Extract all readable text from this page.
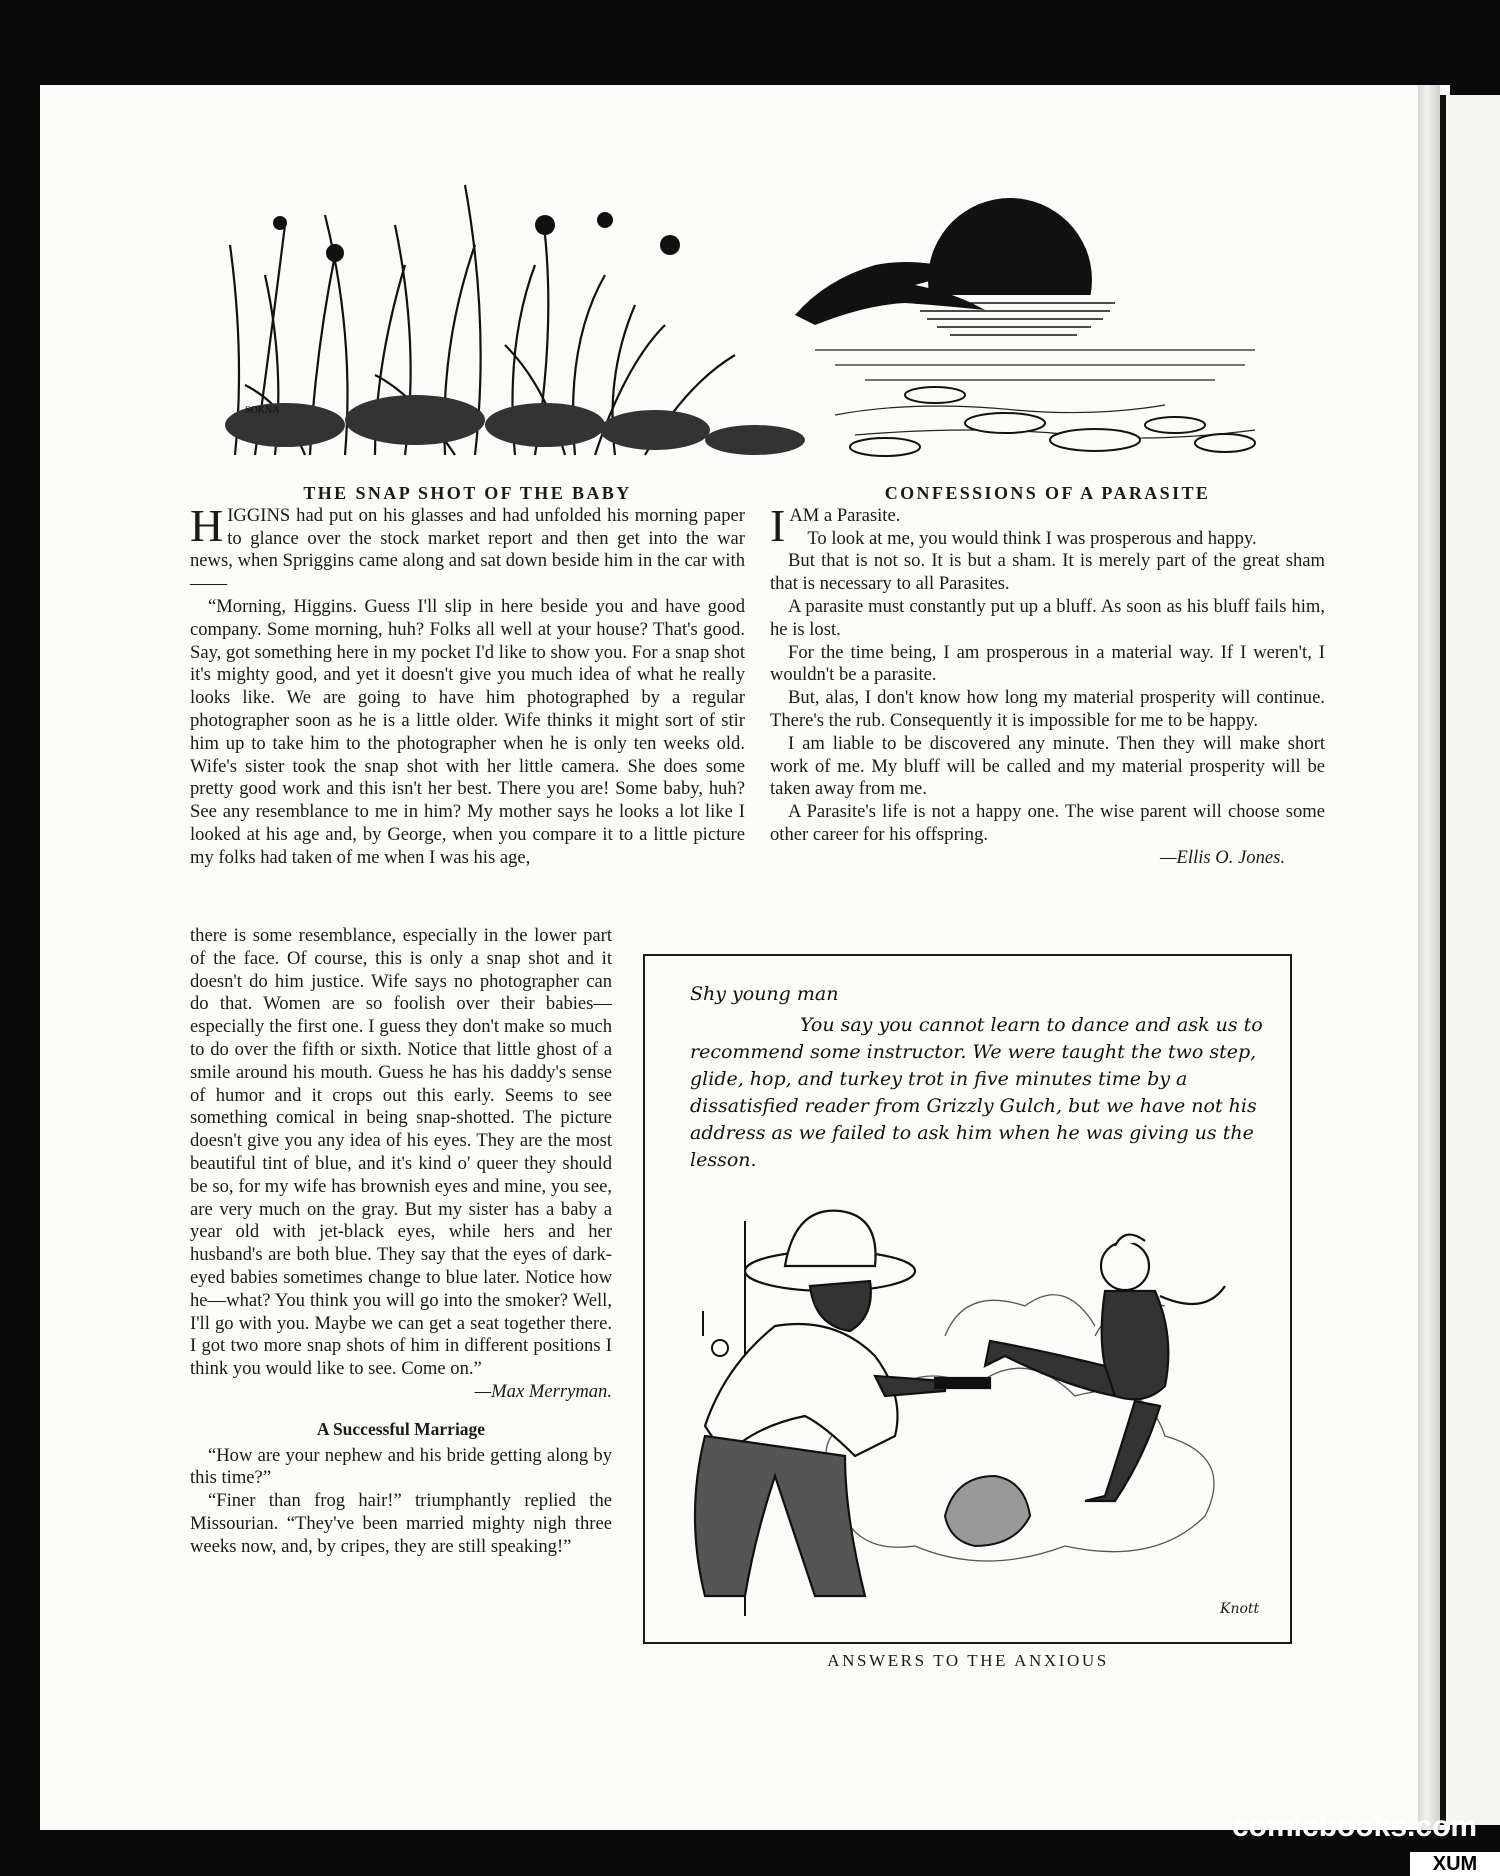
SOKNA
THE SNAP SHOT OF THE BABY

HIGGINS had put on his glasses and had unfolded his morning paper to glance over the stock market report and then get into the war news, when Spriggins came along and sat down beside him in the car with——

“Morning, Higgins. Guess I'll slip in here beside you and have good company. Some morning, huh? Folks all well at your house? That's good. Say, got something here in my pocket I'd like to show you. For a snap shot it's mighty good, and yet it doesn't give you much idea of what he really looks like. We are going to have him photographed by a regular photographer soon as he is a little older. Wife thinks it might sort of stir him up to take him to the photographer when he is only ten weeks old. Wife's sister took the snap shot with her little camera. She does some pretty good work and this isn't her best. There you are! Some baby, huh? See any resemblance to me in him? My mother says he looks a lot like I looked at his age and, by George, when you compare it to a little picture my folks had taken of me when I was his age,

there is some resemblance, especially in the lower part of the face. Of course, this is only a snap shot and it doesn't do him justice. Wife says no photographer can do that. Women are so foolish over their babies—especially the first one. I guess they don't make so much to do over the fifth or sixth. Notice that little ghost of a smile around his mouth. Guess he has his daddy's sense of humor and it crops out this early. Seems to see something comical in being snap-shotted. The picture doesn't give you any idea of his eyes. They are the most beautiful tint of blue, and it's kind o' queer they should be so, for my wife has brownish eyes and mine, you see, are very much on the gray. But my sister has a baby a year old with jet-black eyes, while hers and her husband's are both blue. They say that the eyes of dark-eyed babies sometimes change to blue later. Notice how he—what? You think you will go into the smoker? Well, I'll go with you. Maybe we can get a seat together there. I got two more snap shots of him in different positions I think you would like to see. Come on.”

—Max Merryman.

A Successful Marriage

“How are your nephew and his bride getting along by this time?”

“Finer than frog hair!” triumphantly replied the Missourian. “They've been married mighty nigh three weeks now, and, by cripes, they are still speaking!”

CONFESSIONS OF A PARASITE

IAM a Parasite.

To look at me, you would think I was prosperous and happy.

But that is not so. It is but a sham. It is merely part of the great sham that is necessary to all Parasites.

A parasite must constantly put up a bluff. As soon as his bluff fails him, he is lost.

For the time being, I am prosperous in a material way. If I weren't, I wouldn't be a parasite.

But, alas, I don't know how long my material prosperity will continue. There's the rub. Consequently it is impossible for me to be happy.

I am liable to be discovered any minute. Then they will make short work of me. My bluff will be called and my material prosperity will be taken away from me.

A Parasite's life is not a happy one. The wise parent will choose some other career for his offspring.

—Ellis O. Jones.

Shy young man

You say you cannot learn to dance and ask us to recommend some instructor. We were taught the two step, glide, hop, and turkey trot in five minutes time by a dissatisfied reader from Grizzly Gulch, but we have not his address as we failed to ask him when he was giving us the lesson.

Knott

ANSWERS TO THE ANXIOUS

comicbooks.com
XUM
